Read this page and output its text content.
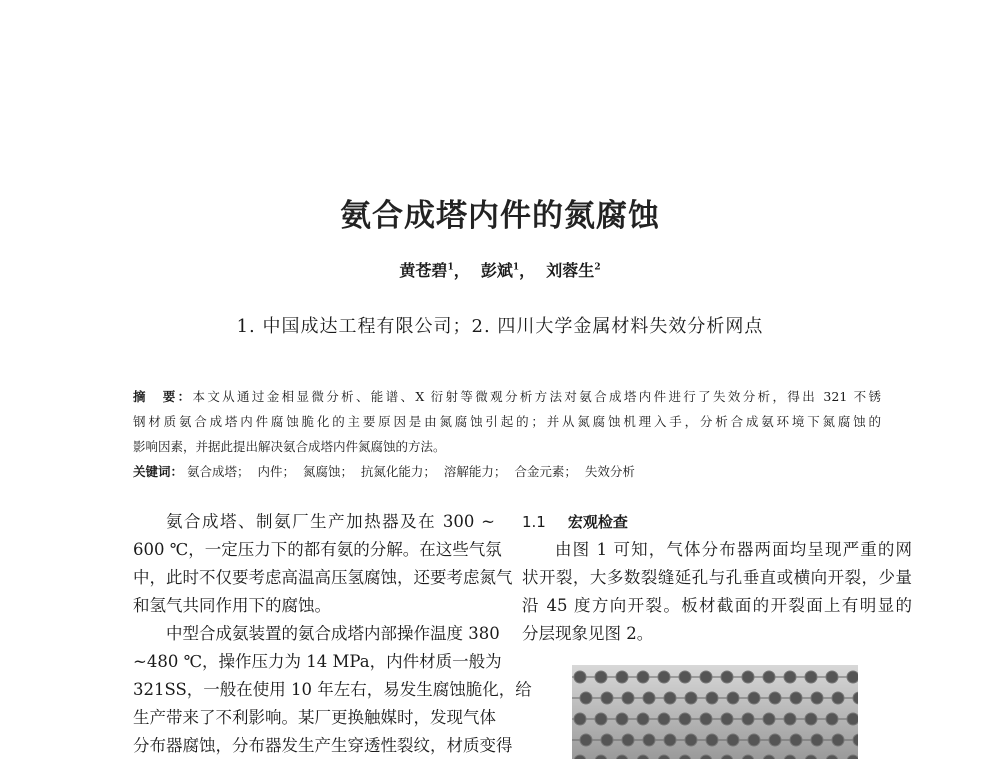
氨合成塔内件的氮腐蚀
黄苍碧$^1$，  彭斌$^1$，  刘蓉生$^2$
1. 中国成达工程有限公司；2. 四川大学金属材料失效分析网点
摘　要：本文从通过金相显微分析、能谱、X 衍射等微观分析方法对氨合成塔内件进行了失效分析，得出 321 不锈
钢材质氨合成塔内件腐蚀脆化的主要原因是由氮腐蚀引起的；并从氮腐蚀机理入手，分析合成氨环境下氮腐蚀的
影响因素，并据此提出解决氨合成塔内件氮腐蚀的方法。
关键词： 氨合成塔； 内件； 氮腐蚀； 抗氮化能力； 溶解能力； 合金元素； 失效分析
氨合成塔、制氨厂生产加热器及在 300 ~
600 ℃，一定压力下的都有氨的分解。在这些气氛
中，此时不仅要考虑高温高压氢腐蚀，还要考虑氮气
和氢气共同作用下的腐蚀。
中型合成氨装置的氨合成塔内部操作温度 380
~480 ℃，操作压力为 14 MPa，内件材质一般为
321SS，一般在使用 10 年左右，易发生腐蚀脆化，给
生产带来了不利影响。某厂更换触媒时，发现气体
分布器腐蚀，分布器发生产生穿透性裂纹，材质变得
1.1 宏观检查
由图 1 可知，气体分布器两面均呈现严重的网
状开裂，大多数裂缝延孔与孔垂直或横向开裂，少量
沿 45 度方向开裂。板材截面的开裂面上有明显的
分层现象见图 2。
